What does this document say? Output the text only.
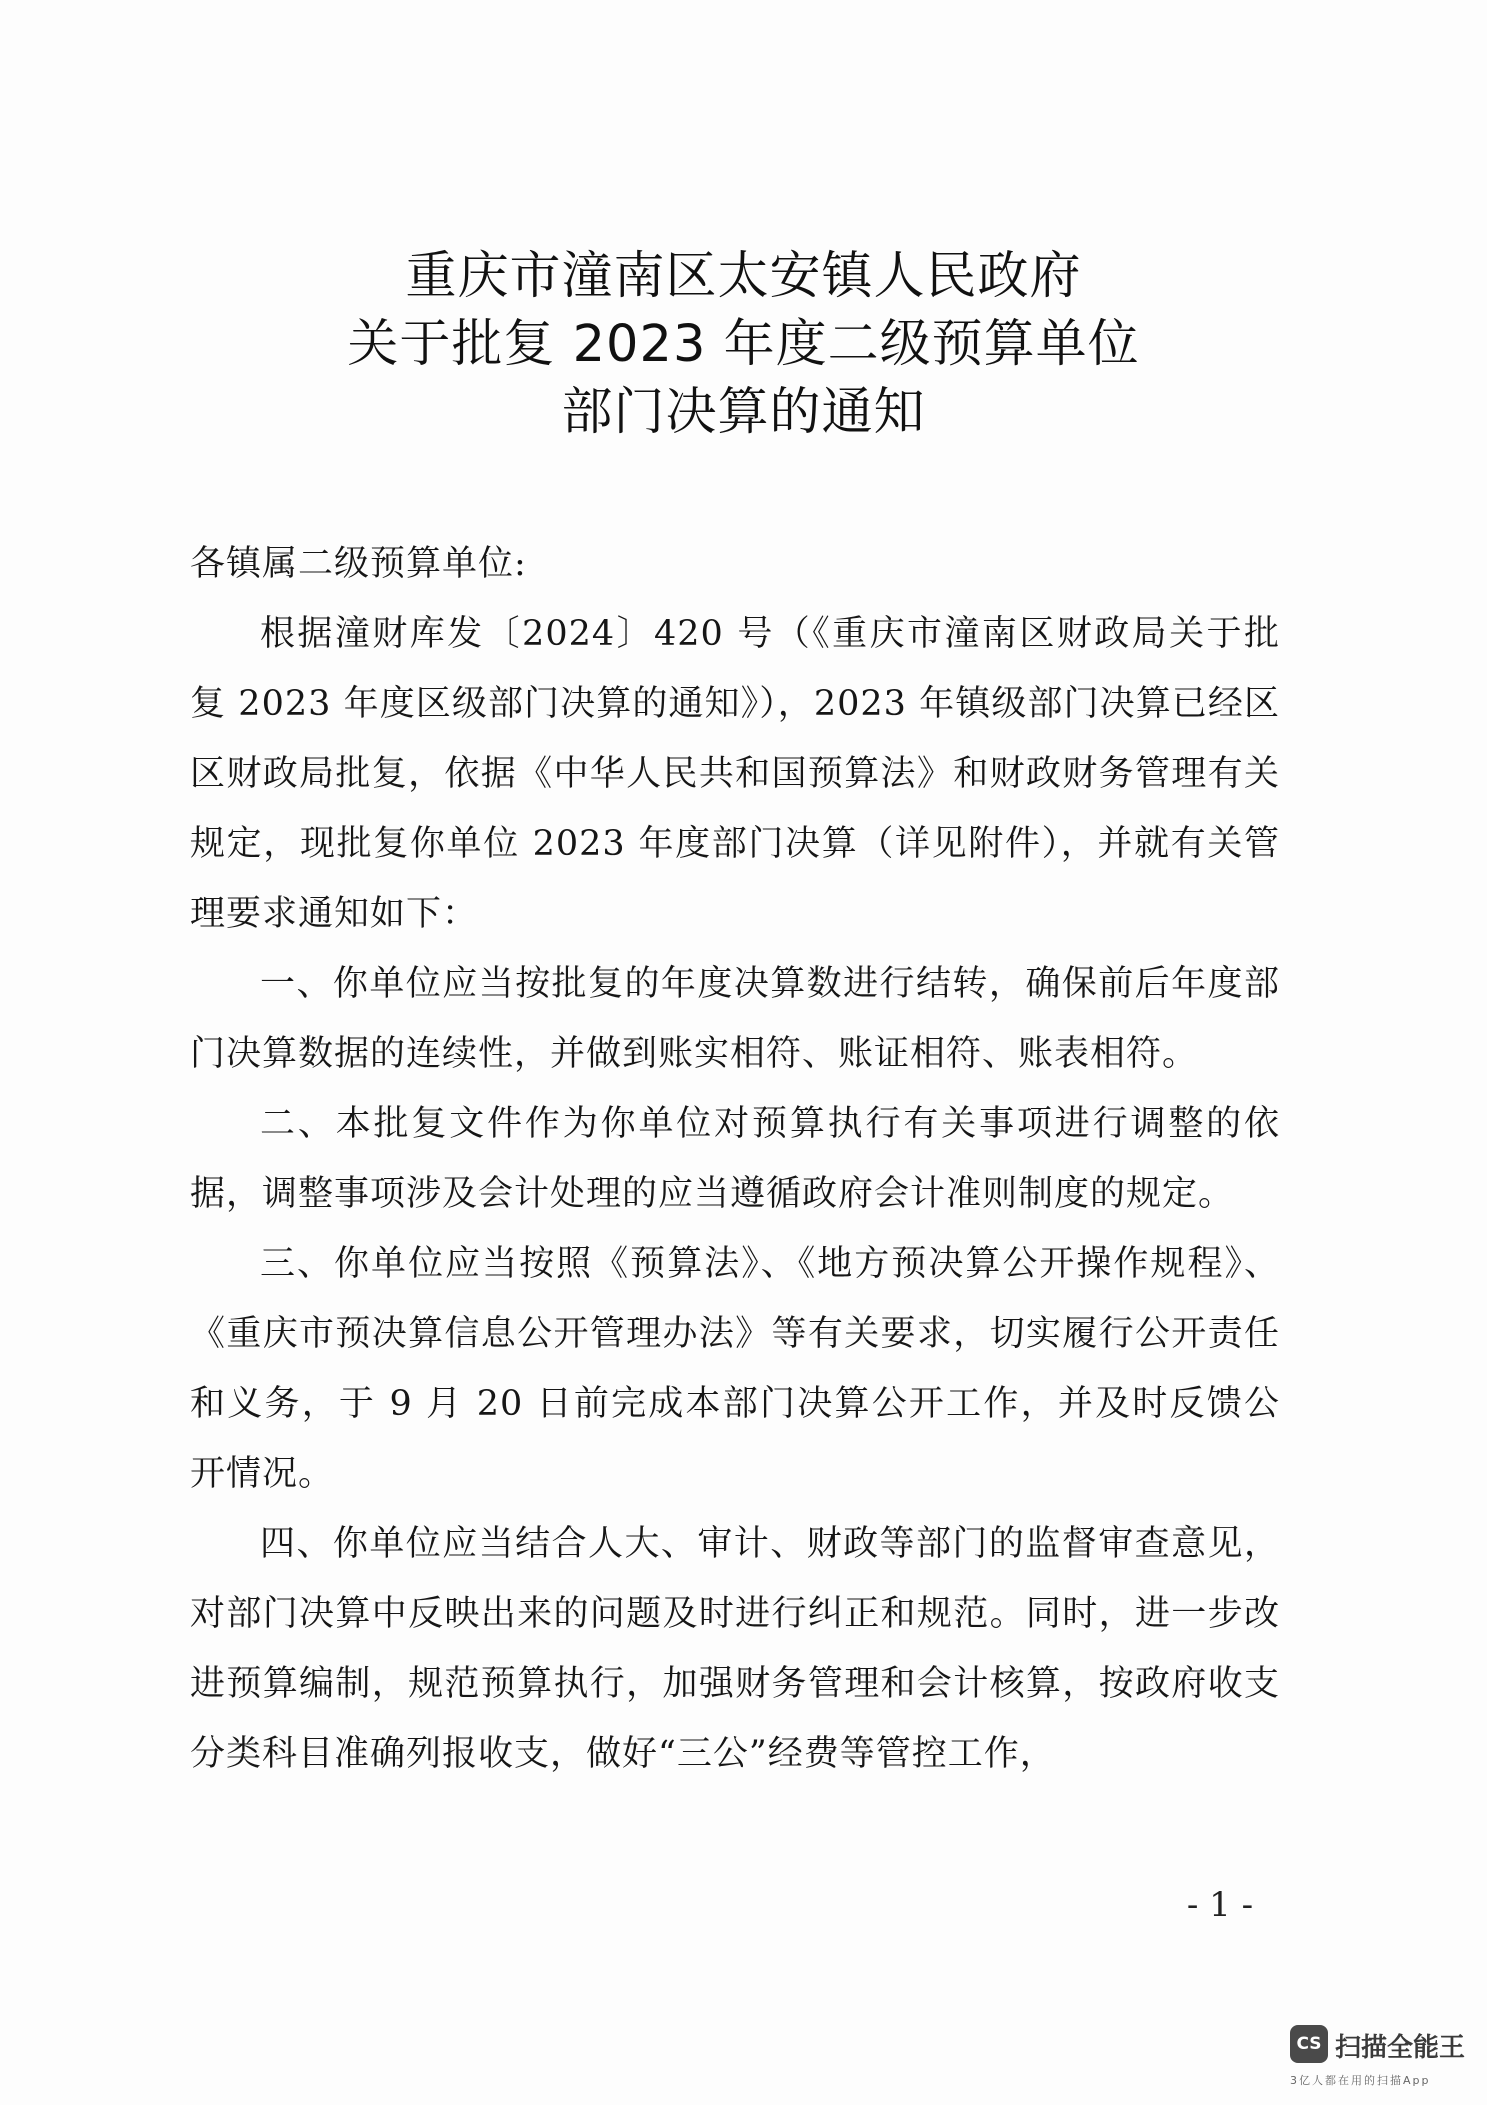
重庆市潼南区太安镇人民政府
关于批复 2023 年度二级预算单位
部门决算的通知

各镇属二级预算单位:

根据潼财库发〔2024〕420 号（《重庆市潼南区财政局关于批复 2023 年度区级部门决算的通知》），2023 年镇级部门决算已经区区财政局批复，依据《中华人民共和国预算法》和财政财务管理有关规定，现批复你单位 2023 年度部门决算（详见附件），并就有关管理要求通知如下：

一、你单位应当按批复的年度决算数进行结转，确保前后年度部门决算数据的连续性，并做到账实相符、账证相符、账表相符。

二、本批复文件作为你单位对预算执行有关事项进行调整的依据，调整事项涉及会计处理的应当遵循政府会计准则制度的规定。

三、你单位应当按照《预算法》、《地方预决算公开操作规程》、《重庆市预决算信息公开管理办法》等有关要求，切实履行公开责任和义务，于 9 月 20 日前完成本部门决算公开工作，并及时反馈公开情况。

四、你单位应当结合人大、审计、财政等部门的监督审查意见，对部门决算中反映出来的问题及时进行纠正和规范。同时，进一步改进预算编制，规范预算执行，加强财务管理和会计核算，按政府收支分类科目准确列报收支，做好“三公”经费等管控工作，

- 1 -
CS 扫描全能王
3亿人都在用的扫描App
